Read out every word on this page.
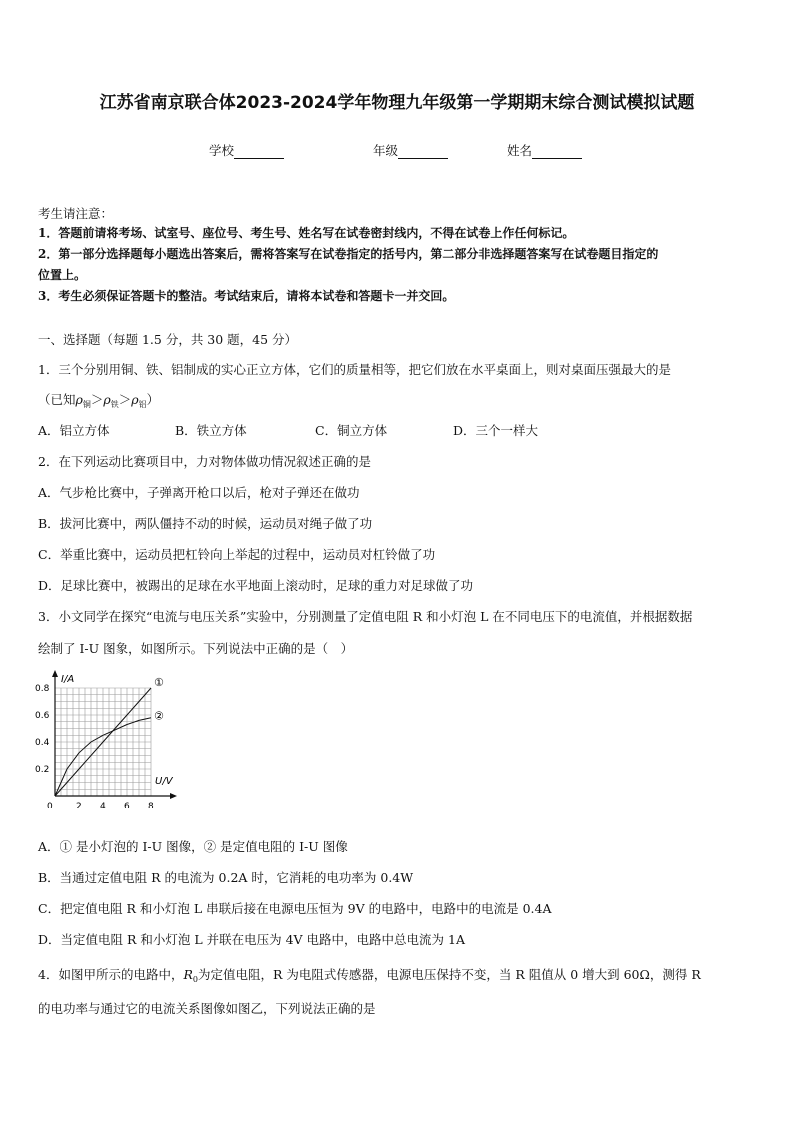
江苏省南京联合体2023-2024学年物理九年级第一学期期末综合测试模拟试题
学校	年级	姓名
考生请注意：
1．答题前请将考场、试室号、座位号、考生号、姓名写在试卷密封线内，不得在试卷上作任何标记。
2．第一部分选择题每小题选出答案后，需将答案写在试卷指定的括号内，第二部分非选择题答案写在试卷题目指定的
位置上。
3．考生必须保证答题卡的整洁。考试结束后，请将本试卷和答题卡一并交回。
一、选择题（每题 1.5 分，共 30 题，45 分）
1．三个分别用铜、铁、铝制成的实心正立方体，它们的质量相等，把它们放在水平桌面上，则对桌面压强最大的是
（已知$\rho_铜>\rho_铁>\rho_铝$）
A．铝立方体	B．铁立方体	C．铜立方体	D．三个一样大
2．在下列运动比赛项目中，力对物体做功情况叙述正确的是
A．气步枪比赛中，子弹离开枪口以后，枪对子弹还在做功
B．拔河比赛中，两队僵持不动的时候，运动员对绳子做了功
C．举重比赛中，运动员把杠铃向上举起的过程中，运动员对杠铃做了功
D．足球比赛中，被踢出的足球在水平地面上滚动时，足球的重力对足球做了功
3．小文同学在探究“电流与电压关系”实验中，分别测量了定值电阻 R 和小灯泡 L 在不同电压下的电流值，并根据数据
绘制了 I-U 图象，如图所示。下列说法中正确的是（　）
I/A
U/V
0	2 4 6 8
0.2
0.4
0.6
0.8	①
②
A．① 是小灯泡的 I-U 图像，② 是定值电阻的 I-U 图像
B．当通过定值电阻 R 的电流为 0.2A 时，它消耗的电功率为 0.4W
C．把定值电阻 R 和小灯泡 L 串联后接在电源电压恒为 9V 的电路中，电路中的电流是 0.4A
D．当定值电阻 R 和小灯泡 L 并联在电压为 4V 电路中，电路中总电流为 1A
4．如图甲所示的电路中，$R_0$为定值电阻，R 为电阻式传感器，电源电压保持不变，当 R 阻值从 0 增大到 60Ω，测得 R
的电功率与通过它的电流关系图像如图乙，下列说法正确的是
